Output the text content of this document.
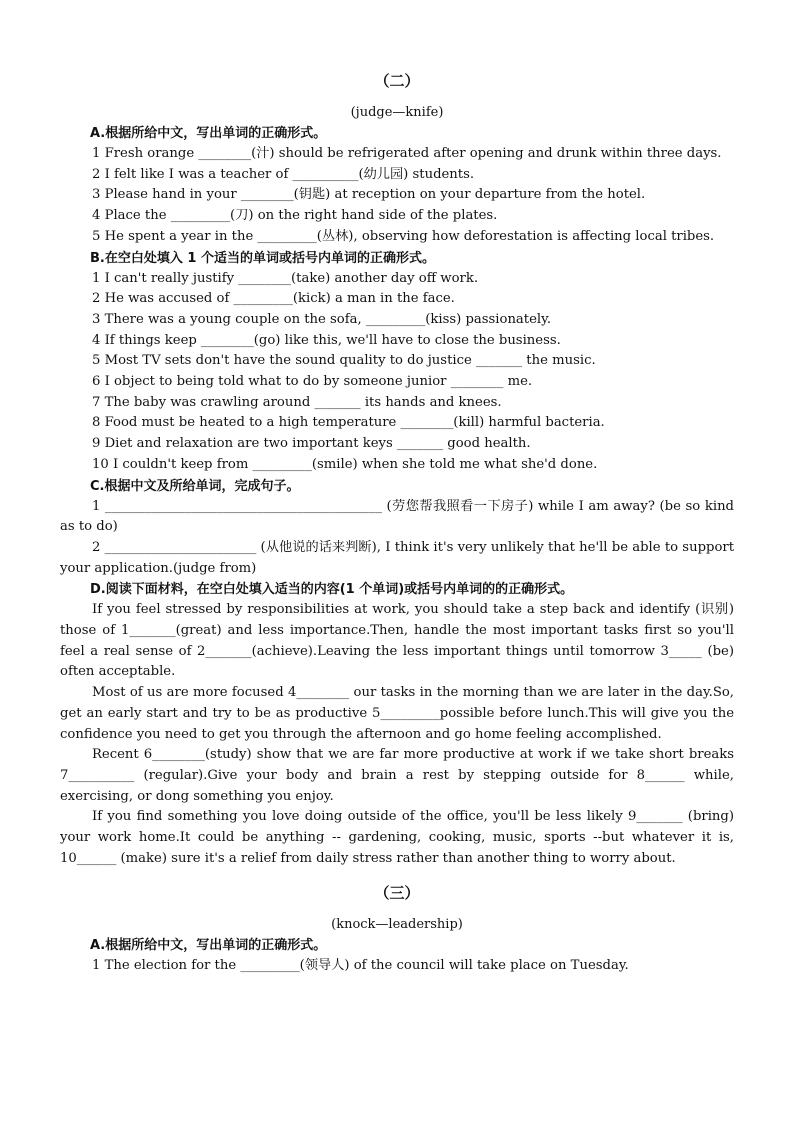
（二）
(judge—knife)
A.根据所给中文，写出单词的正确形式。
1 Fresh orange ________(汁) should be refrigerated after opening and drunk within three days.
2 I felt like I was a teacher of __________(幼儿园) students.
3 Please hand in your ________(钥匙) at reception on your departure from the hotel.
4 Place the _________(刀) on the right hand side of the plates.
5 He spent a year in the _________(丛林), observing how deforestation is affecting local tribes.
B.在空白处填入 1 个适当的单词或括号内单词的正确形式。
1 I can't really justify ________(take) another day off work.
2 He was accused of _________(kick) a man in the face.
3 There was a young couple on the sofa, _________(kiss) passionately.
4 If things keep ________(go) like this, we'll have to close the business.
5 Most TV sets don't have the sound quality to do justice _______ the music.
6 I object to being told what to do by someone junior ________ me.
7 The baby was crawling around _______ its hands and knees.
8 Food must be heated to a high temperature ________(kill) harmful bacteria.
9 Diet and relaxation are two important keys _______ good health.
10 I couldn't keep from _________(smile) when she told me what she'd done.
C.根据中文及所给单词，完成句子。
1 __________________________________________ (劳您帮我照看一下房子) while I am away? (be so kind as to do)
2 _______________________ (从他说的话来判断), I think it's very unlikely that he'll be able to support your application.(judge from)
D.阅读下面材料，在空白处填入适当的内容(1 个单词)或括号内单词的的正确形式。
If you feel stressed by responsibilities at work, you should take a step back and identify (识别) those of 1_______(great) and less importance.Then, handle the most important tasks first so you'll feel a real sense of 2_______(achieve).Leaving the less important things until tomorrow 3_____ (be) often acceptable.
Most of us are more focused 4________ our tasks in the morning than we are later in the day.So, get an early start and try to be as productive 5_________possible before lunch.This will give you the confidence you need to get you through the afternoon and go home feeling accomplished.
Recent 6________(study) show that we are far more productive at work if we take short breaks 7__________ (regular).Give your body and brain a rest by stepping outside for 8______ while, exercising, or dong something you enjoy.
If you find something you love doing outside of the office, you'll be less likely 9_______ (bring) your work home.It could be anything -- gardening, cooking, music, sports --but whatever it is, 10______ (make) sure it's a relief from daily stress rather than another thing to worry about.
（三）
(knock—leadership)
A.根据所给中文，写出单词的正确形式。
1 The election for the _________(领导人) of the council will take place on Tuesday.
